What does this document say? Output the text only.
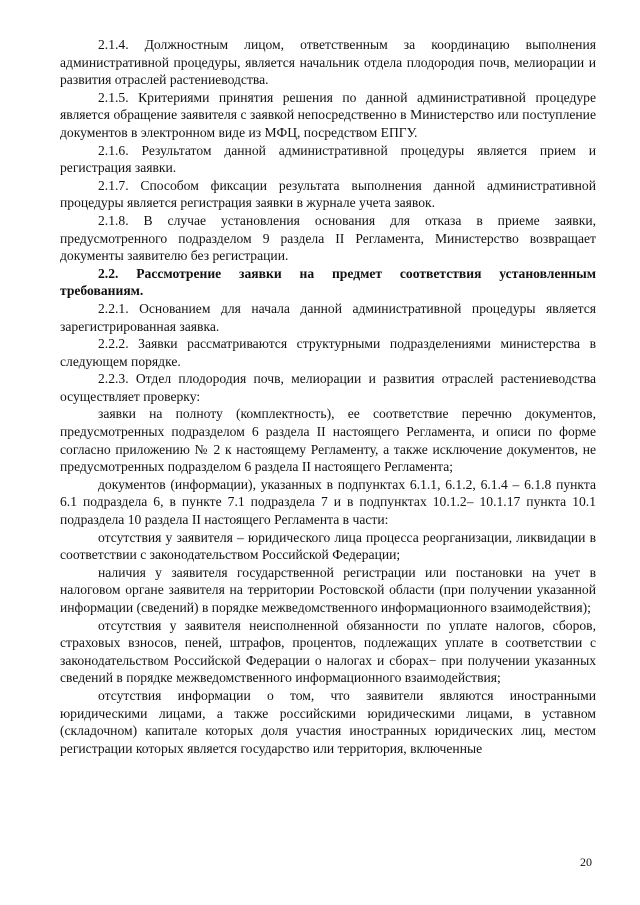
2.1.4. Должностным лицом, ответственным за координацию выполнения административной процедуры, является начальник отдела плодородия почв, мелиорации и развития отраслей растениеводства.

2.1.5. Критериями принятия решения по данной административной процедуре является обращение заявителя с заявкой непосредственно в Министерство или поступление документов в электронном виде из МФЦ, посредством ЕПГУ.

2.1.6. Результатом данной административной процедуры является прием и регистрация заявки.

2.1.7. Способом фиксации результата выполнения данной административной процедуры является регистрация заявки в журнале учета заявок.

2.1.8. В случае установления основания для отказа в приеме заявки, предусмотренного подразделом 9 раздела II Регламента, Министерство возвращает документы заявителю без регистрации.

2.2. Рассмотрение заявки на предмет соответствия установленным требованиям.

2.2.1. Основанием для начала данной административной процедуры является зарегистрированная заявка.

2.2.2. Заявки рассматриваются структурными подразделениями министерства в следующем порядке.

2.2.3. Отдел плодородия почв, мелиорации и развития отраслей растениеводства осуществляет проверку:

заявки на полноту (комплектность), ее соответствие перечню документов, предусмотренных подразделом 6 раздела II настоящего Регламента, и описи по форме согласно приложению № 2 к настоящему Регламенту, а также исключение документов, не предусмотренных подразделом 6 раздела II настоящего Регламента;

документов (информации), указанных в подпунктах 6.1.1, 6.1.2, 6.1.4 – 6.1.8 пункта 6.1 подраздела 6, в пункте 7.1 подраздела 7 и в подпунктах 10.1.2– 10.1.17 пункта 10.1 подраздела 10 раздела II настоящего Регламента в части:

отсутствия у заявителя – юридического лица процесса реорганизации, ликвидации в соответствии с законодательством Российской Федерации;

наличия у заявителя государственной регистрации или постановки на учет в налоговом органе заявителя на территории Ростовской области (при получении указанной информации (сведений) в порядке межведомственного информационного взаимодействия);

отсутствия у заявителя неисполненной обязанности по уплате налогов, сборов, страховых взносов, пеней, штрафов, процентов, подлежащих уплате в соответствии с законодательством Российской Федерации о налогах и сборах− при получении указанных сведений в порядке межведомственного информационного взаимодействия;

отсутствия информации о том, что заявители являются иностранными юридическими лицами, а также российскими юридическими лицами, в уставном (складочном) капитале которых доля участия иностранных юридических лиц, местом регистрации которых является государство или территория, включенные

20
